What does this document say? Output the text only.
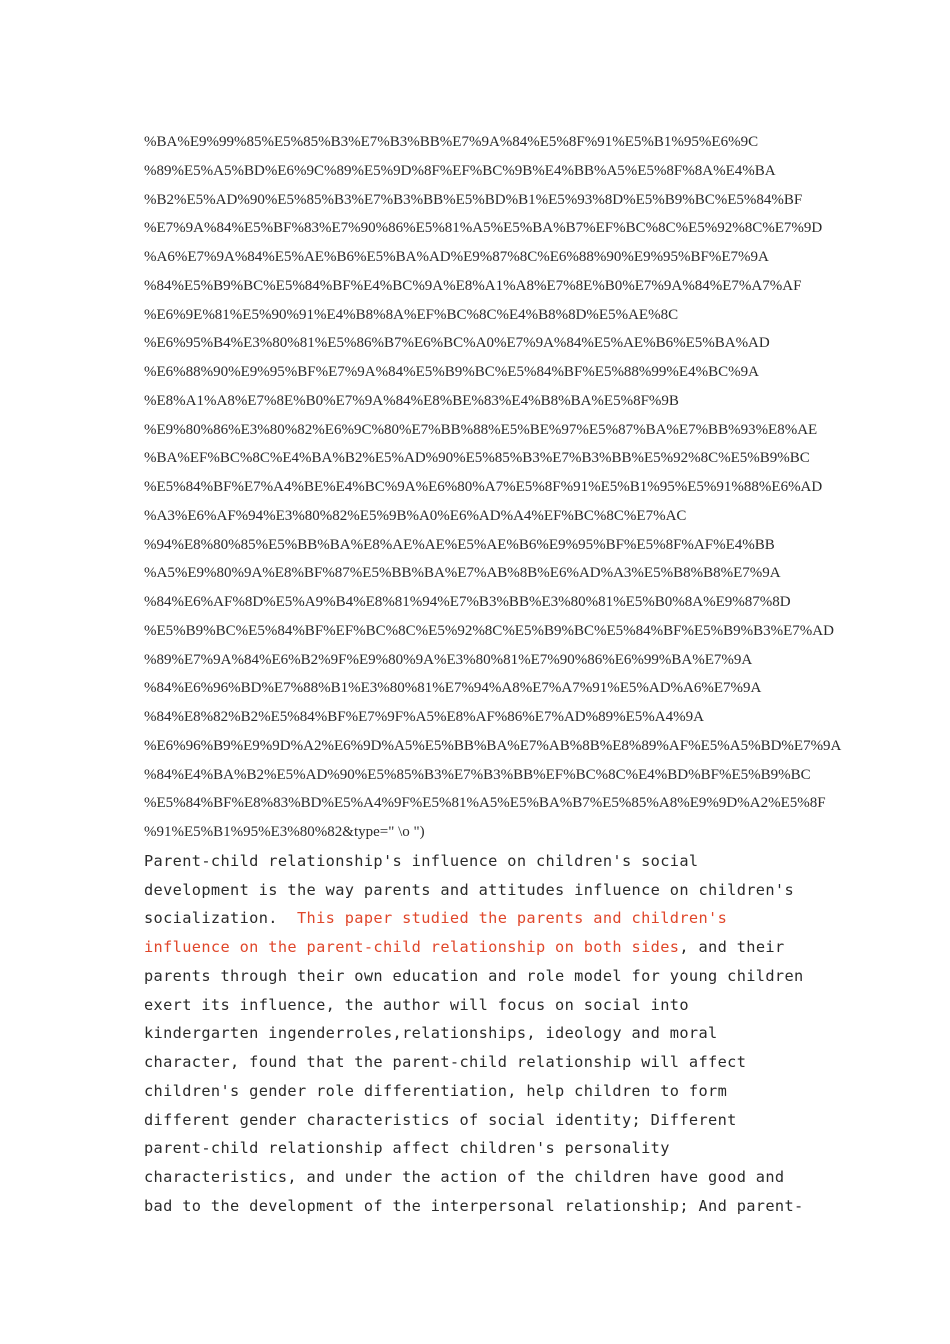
%BA%E9%99%85%E5%85%B3%E7%B3%BB%E7%9A%84%E5%8F%91%E5%B1%95%E6%9C
%89%E5%A5%BD%E6%9C%89%E5%9D%8F%EF%BC%9B%E4%BB%A5%E5%8F%8A%E4%BA
%B2%E5%AD%90%E5%85%B3%E7%B3%BB%E5%BD%B1%E5%93%8D%E5%B9%BC%E5%84%BF
%E7%9A%84%E5%BF%83%E7%90%86%E5%81%A5%E5%BA%B7%EF%BC%8C%E5%92%8C%E7%9D
%A6%E7%9A%84%E5%AE%B6%E5%BA%AD%E9%87%8C%E6%88%90%E9%95%BF%E7%9A
%84%E5%B9%BC%E5%84%BF%E4%BC%9A%E8%A1%A8%E7%8E%B0%E7%9A%84%E7%A7%AF
%E6%9E%81%E5%90%91%E4%B8%8A%EF%BC%8C%E4%B8%8D%E5%AE%8C
%E6%95%B4%E3%80%81%E5%86%B7%E6%BC%A0%E7%9A%84%E5%AE%B6%E5%BA%AD
%E6%88%90%E9%95%BF%E7%9A%84%E5%B9%BC%E5%84%BF%E5%88%99%E4%BC%9A
%E8%A1%A8%E7%8E%B0%E7%9A%84%E8%BE%83%E4%B8%BA%E5%8F%9B
%E9%80%86%E3%80%82%E6%9C%80%E7%BB%88%E5%BE%97%E5%87%BA%E7%BB%93%E8%AE
%BA%EF%BC%8C%E4%BA%B2%E5%AD%90%E5%85%B3%E7%B3%BB%E5%92%8C%E5%B9%BC
%E5%84%BF%E7%A4%BE%E4%BC%9A%E6%80%A7%E5%8F%91%E5%B1%95%E5%91%88%E6%AD
%A3%E6%AF%94%E3%80%82%E5%9B%A0%E6%AD%A4%EF%BC%8C%E7%AC
%94%E8%80%85%E5%BB%BA%E8%AE%AE%E5%AE%B6%E9%95%BF%E5%8F%AF%E4%BB
%A5%E9%80%9A%E8%BF%87%E5%BB%BA%E7%AB%8B%E6%AD%A3%E5%B8%B8%E7%9A
%84%E6%AF%8D%E5%A9%B4%E8%81%94%E7%B3%BB%E3%80%81%E5%B0%8A%E9%87%8D
%E5%B9%BC%E5%84%BF%EF%BC%8C%E5%92%8C%E5%B9%BC%E5%84%BF%E5%B9%B3%E7%AD
%89%E7%9A%84%E6%B2%9F%E9%80%9A%E3%80%81%E7%90%86%E6%99%BA%E7%9A
%84%E6%96%BD%E7%88%B1%E3%80%81%E7%94%A8%E7%A7%91%E5%AD%A6%E7%9A
%84%E8%82%B2%E5%84%BF%E7%9F%A5%E8%AF%86%E7%AD%89%E5%A4%9A
%E6%96%B9%E9%9D%A2%E6%9D%A5%E5%BB%BA%E7%AB%8B%E8%89%AF%E5%A5%BD%E7%9A
%84%E4%BA%B2%E5%AD%90%E5%85%B3%E7%B3%BB%EF%BC%8C%E4%BD%BF%E5%B9%BC
%E5%84%BF%E8%83%BD%E5%A4%9F%E5%81%A5%E5%BA%B7%E5%85%A8%E9%9D%A2%E5%8F
%91%E5%B1%95%E3%80%82&type=" \o ")
Parent-child relationship's influence on children's social
development is the way parents and attitudes influence on children's
socialization.  This paper studied the parents and children's
influence on the parent-child relationship on both sides, and their
parents through their own education and role model for young children
exert its influence, the author will focus on social into
kindergarten ingenderroles,relationships, ideology and moral
character, found that the parent-child relationship will affect
children's gender role differentiation, help children to form
different gender characteristics of social identity; Different
parent-child relationship affect children's personality
characteristics, and under the action of the children have good and
bad to the development of the interpersonal relationship; And parent-
